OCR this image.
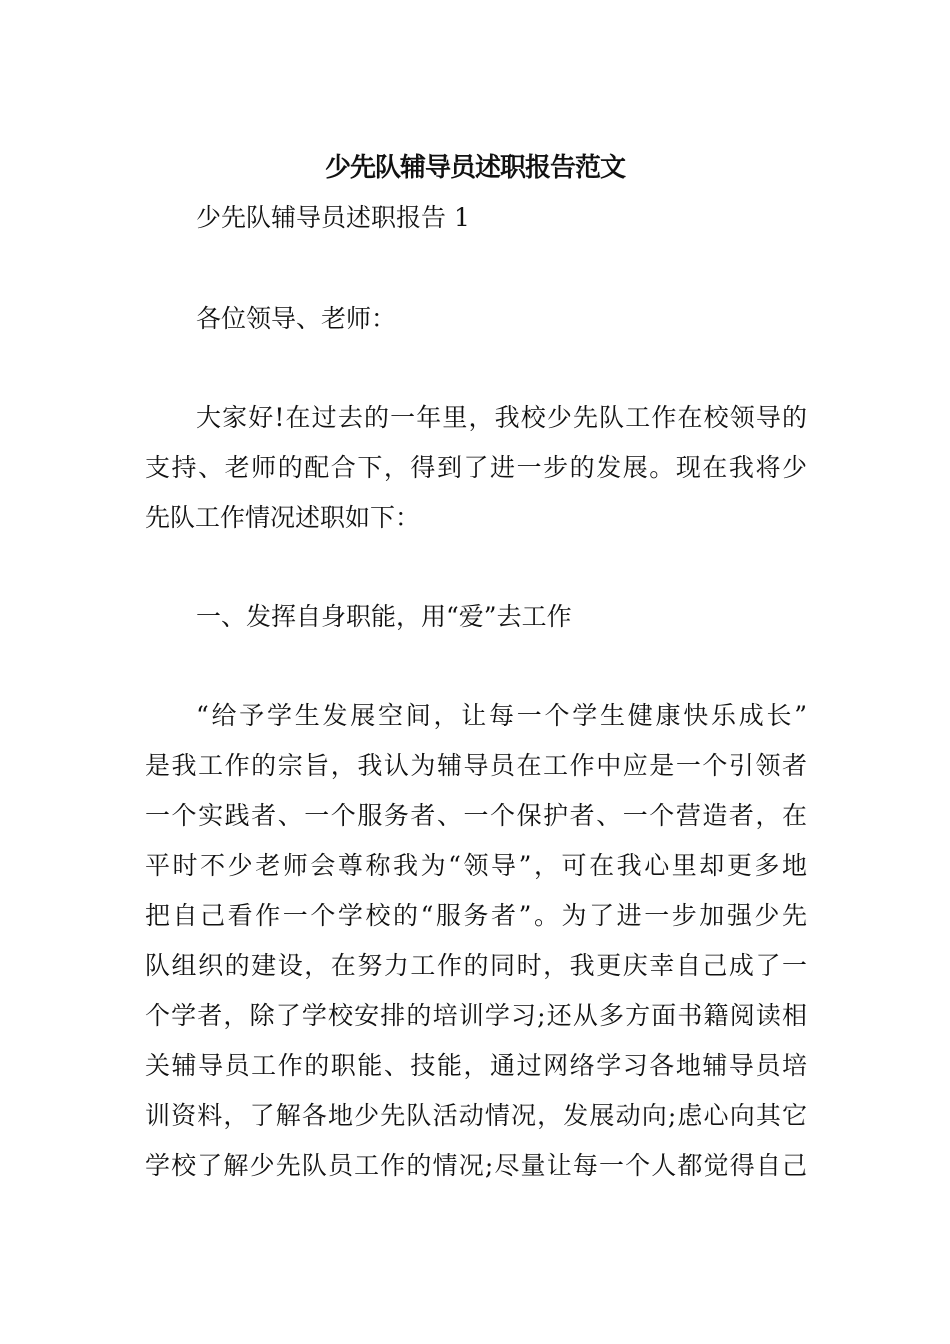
少先队辅导员述职报告范文
少先队辅导员述职报告 1
各位领导、老师：
大家好!在过去的一年里，我校少先队工作在校领导的
支持、老师的配合下，得到了进一步的发展。现在我将少
先队工作情况述职如下：
一、发挥自身职能，用“爱”去工作
“给予学生发展空间，让每一个学生健康快乐成长”
是我工作的宗旨，我认为辅导员在工作中应是一个引领者
一个实践者、一个服务者、一个保护者、一个营造者，在
平时不少老师会尊称我为“领导”，可在我心里却更多地
把自己看作一个学校的“服务者”。为了进一步加强少先
队组织的建设，在努力工作的同时，我更庆幸自己成了一
个学者，除了学校安排的培训学习;还从多方面书籍阅读相
关辅导员工作的职能、技能，通过网络学习各地辅导员培
训资料，了解各地少先队活动情况，发展动向;虑心向其它
学校了解少先队员工作的情况;尽量让每一个人都觉得自己
